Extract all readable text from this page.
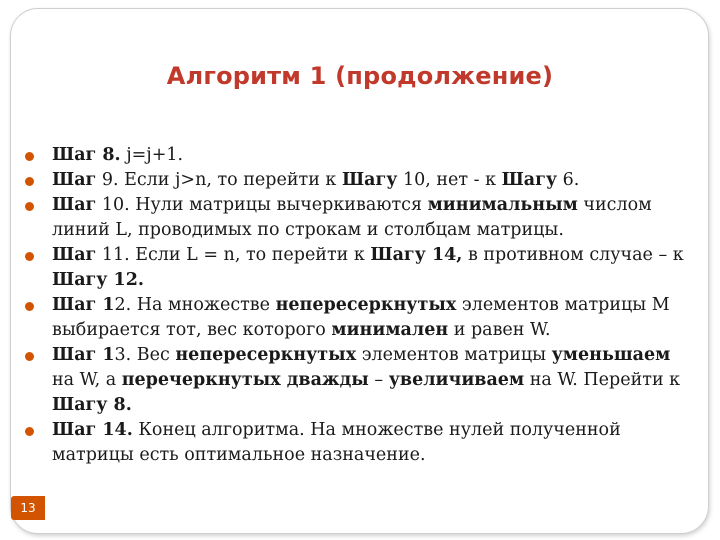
Алгоритм 1 (продолжение)
Шаг 8. j=j+1.
Шаг 9. Если j>n, то перейти к Шагу 10, нет - к Шагу 6.
Шаг 10. Нули матрицы вычеркиваются минимальным числом линий L, проводимых по строкам и столбцам матрицы.
Шаг 11. Если L = n, то перейти к Шагу 14, в противном случае – к Шагу 12.
Шаг 12. На множестве непересеркнутых элементов матрицы M выбирается тот, вес которого минимален и равен W.
Шаг 13. Вес непересеркнутых элементов матрицы уменьшаем на W, а перечеркнутых дважды – увеличиваем на W. Перейти к Шагу 8.
Шаг 14. Конец алгоритма. На множестве нулей полученной матрицы есть оптимальное назначение.
13
